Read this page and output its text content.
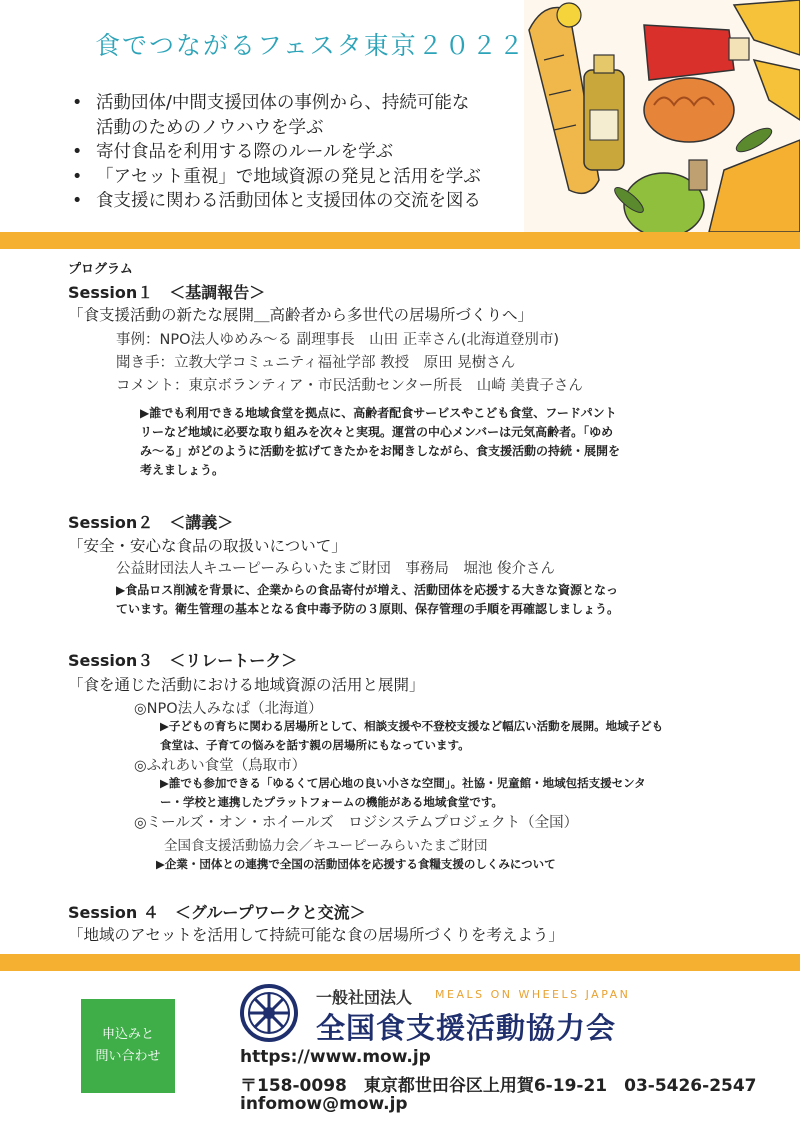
食でつながるフェスタ東京２０２２
• 活動団体/中間支援団体の事例から、持続可能な
活動のためのノウハウを学ぶ
• 寄付食品を利用する際のルールを学ぶ
• 「アセット重視」で地域資源の発見と活用を学ぶ
• 食支援に関わる活動団体と支援団体の交流を図る
プログラム
Session１　＜基調報告＞
「食支援活動の新たな展開＿高齢者から多世代の居場所づくりへ」
事例：NPO法人ゆめみ〜る 副理事長　山田 正幸さん(北海道登別市)
聞き手：立教大学コミュニティ福祉学部 教授　原田 晃樹さん
コメント：東京ボランティア・市民活動センター所長　山崎 美貴子さん
▶誰でも利用できる地域食堂を拠点に、高齢者配食サービスやこども食堂、フードパント
リーなど地域に必要な取り組みを次々と実現。運営の中心メンバーは元気高齢者。「ゆめ
み〜る」がどのように活動を拡げてきたかをお聞きしながら、食支援活動の持続・展開を
考えましょう。
Session２　＜講義＞
「安全・安心な食品の取扱いについて」
公益財団法人キユーピーみらいたまご財団　事務局　堀池 俊介さん
▶食品ロス削減を背景に、企業からの食品寄付が増え、活動団体を応援する大きな資源となっ
ています。衛生管理の基本となる食中毒予防の３原則、保存管理の手順を再確認しましょう。
Session３　＜リレートーク＞
「食を通じた活動における地域資源の活用と展開」
◎NPO法人みなぱ（北海道）
▶子どもの育ちに関わる居場所として、相談支援や不登校支援など幅広い活動を展開。地域子ども
食堂は、子育ての悩みを話す親の居場所にもなっています。
◎ふれあい食堂（鳥取市）
▶誰でも参加できる「ゆるくて居心地の良い小さな空間」。社協・児童館・地域包括支援センタ
ー・学校と連携したプラットフォームの機能がある地域食堂です。
◎ミールズ・オン・ホイールズ　ロジシステムプロジェクト（全国）
全国食支援活動協力会／キユーピーみらいたまご財団
▶企業・団体との連携で全国の活動団体を応援する食糧支援のしくみについて
Session ４　＜グループワークと交流＞
「地域のアセットを活用して持続可能な食の居場所づくりを考えよう」
申込みと
問い合わせ
一般社団法人 MEALS ON WHEELS JAPAN
全国食支援活動協力会
https://www.mow.jp
〒158-0098　東京都世田谷区上用賀6-19-21　03-5426-2547
infomow@mow.jp
